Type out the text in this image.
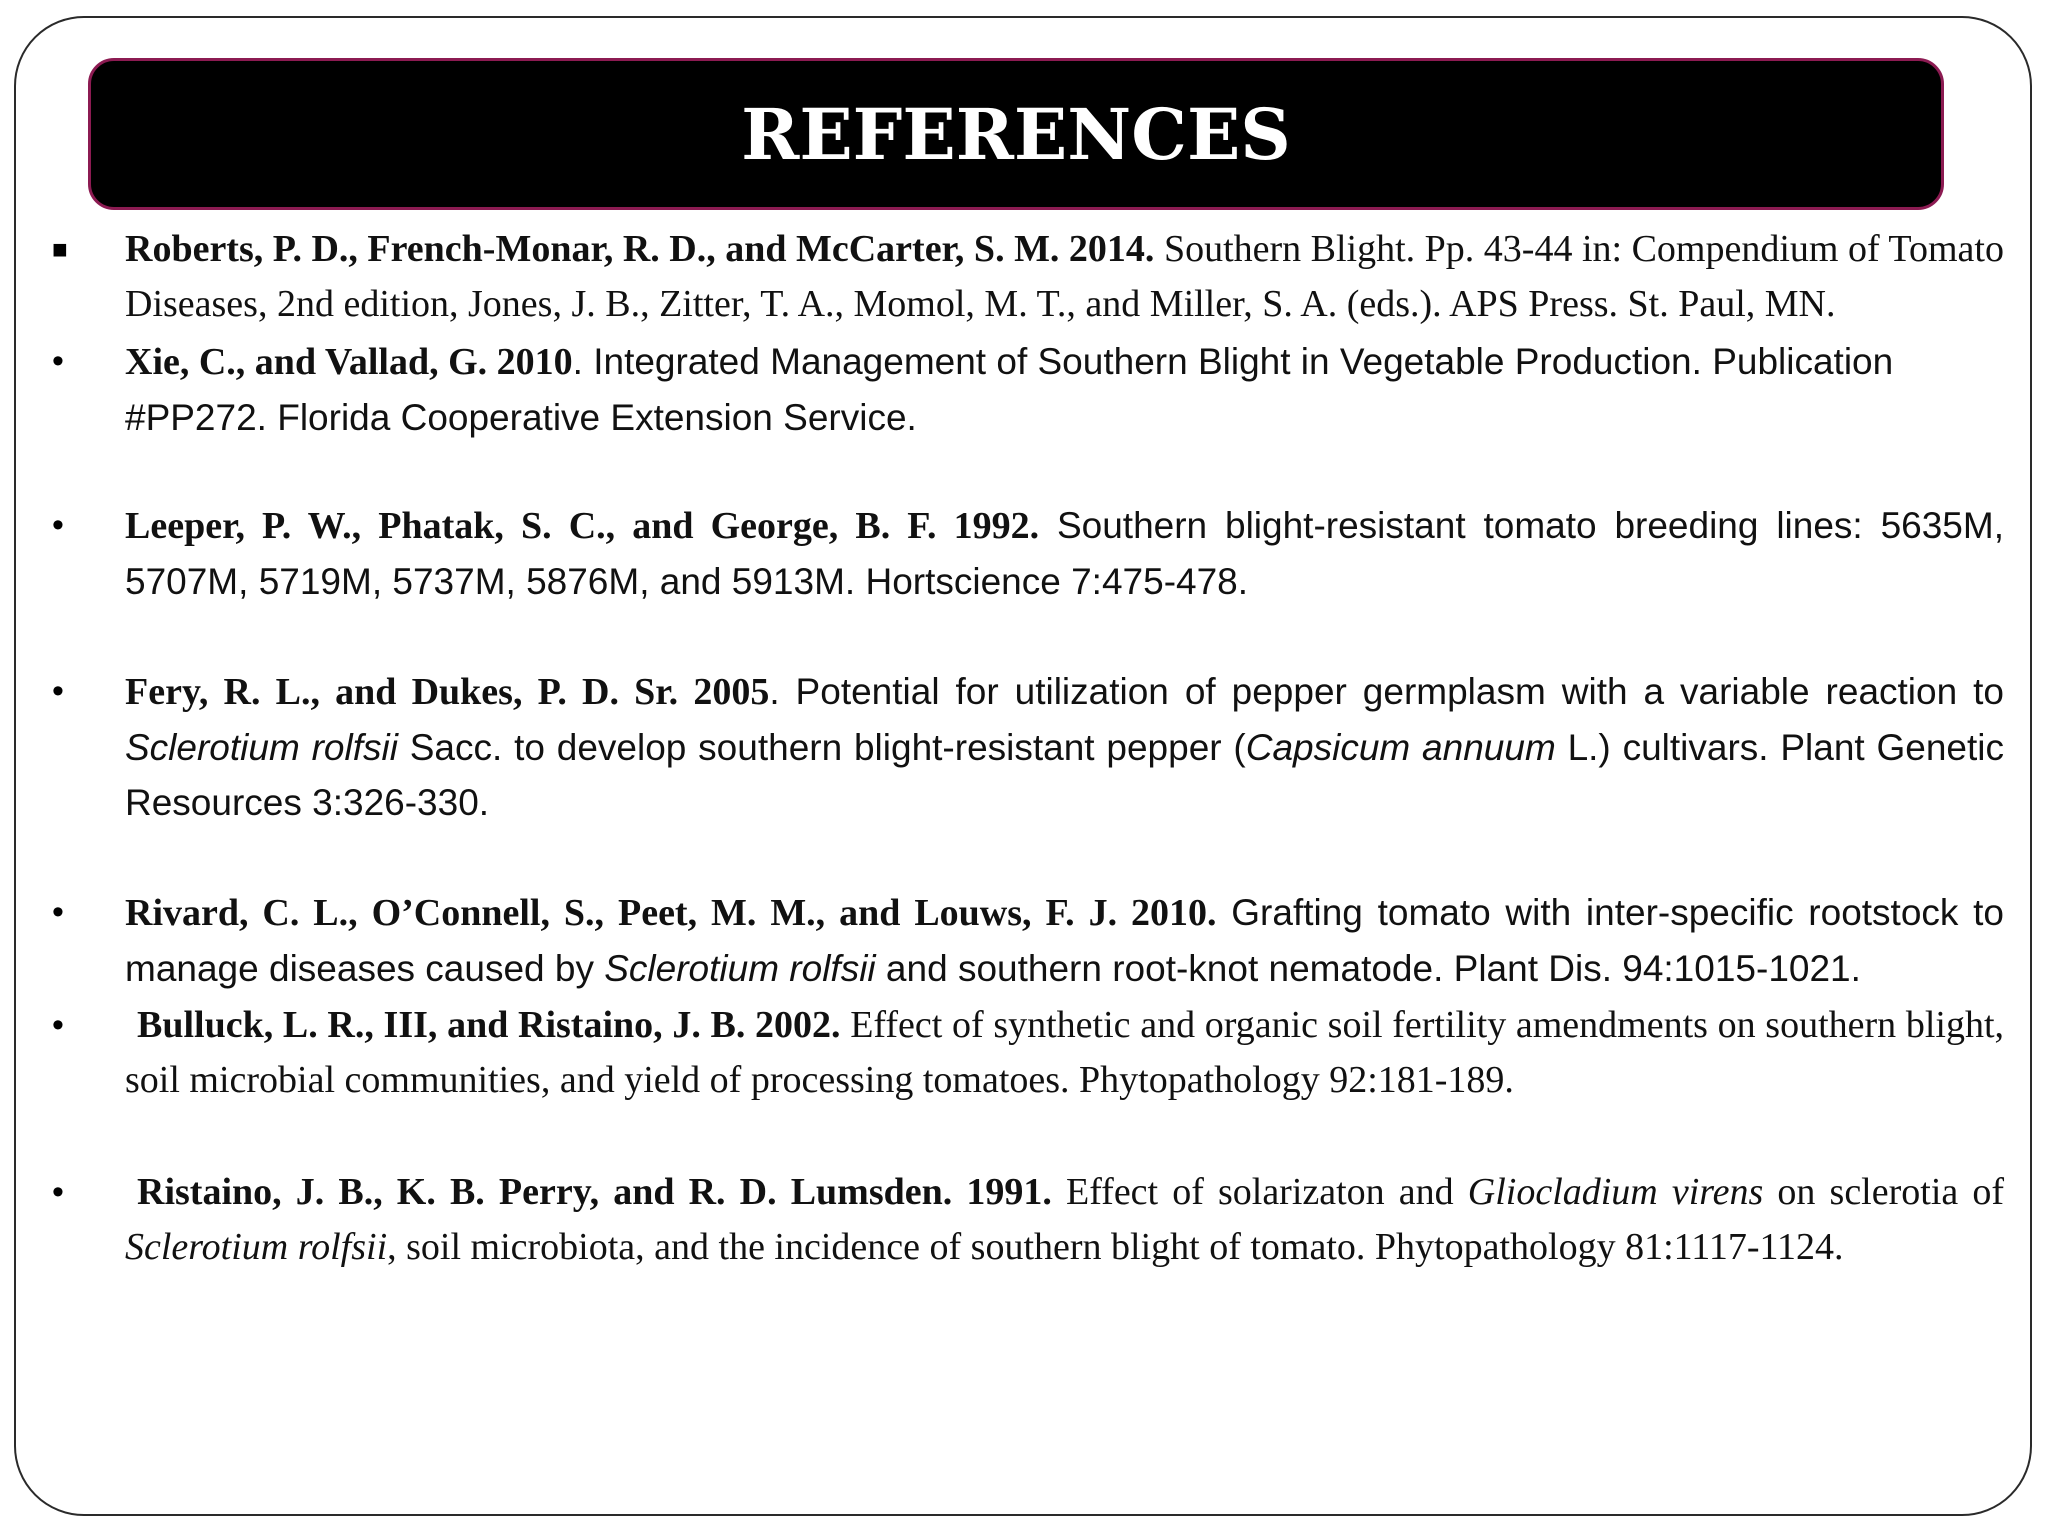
REFERENCES
■	Roberts, P. D., French-Monar, R. D., and McCarter, S. M. 2014. Southern Blight. Pp. 43-44 in: Compendium of Tomato Diseases, 2nd edition, Jones, J. B., Zitter, T. A., Momol, M. T., and Miller, S. A. (eds.). APS Press. St. Paul, MN.
•	Xie, C., and Vallad, G. 2010. Integrated Management of Southern Blight in Vegetable Production. Publication #PP272. Florida Cooperative Extension Service.
•	Leeper, P. W., Phatak, S. C., and George, B. F. 1992. Southern blight-resistant tomato breeding lines: 5635M, 5707M, 5719M, 5737M, 5876M, and 5913M. Hortscience 7:475-478.
•	Fery, R. L., and Dukes, P. D. Sr. 2005. Potential for utilization of pepper germplasm with a variable reaction to Sclerotium rolfsii Sacc. to develop southern blight-resistant pepper (Capsicum annuum L.) cultivars. Plant Genetic Resources 3:326-330.
•	Rivard, C. L., O’Connell, S., Peet, M. M., and Louws, F. J. 2010. Grafting tomato with inter-specific rootstock to manage diseases caused by Sclerotium rolfsii and southern root-knot nematode. Plant Dis. 94:1015-1021.
•	Bulluck, L. R., III, and Ristaino, J. B. 2002. Effect of synthetic and organic soil fertility amendments on southern blight, soil microbial communities, and yield of processing tomatoes. Phytopathology 92:181-189.
•	Ristaino, J. B., K. B. Perry, and R. D. Lumsden. 1991. Effect of solarizaton and Gliocladium virens on sclerotia of Sclerotium rolfsii, soil microbiota, and the incidence of southern blight of tomato. Phytopathology 81:1117-1124.
